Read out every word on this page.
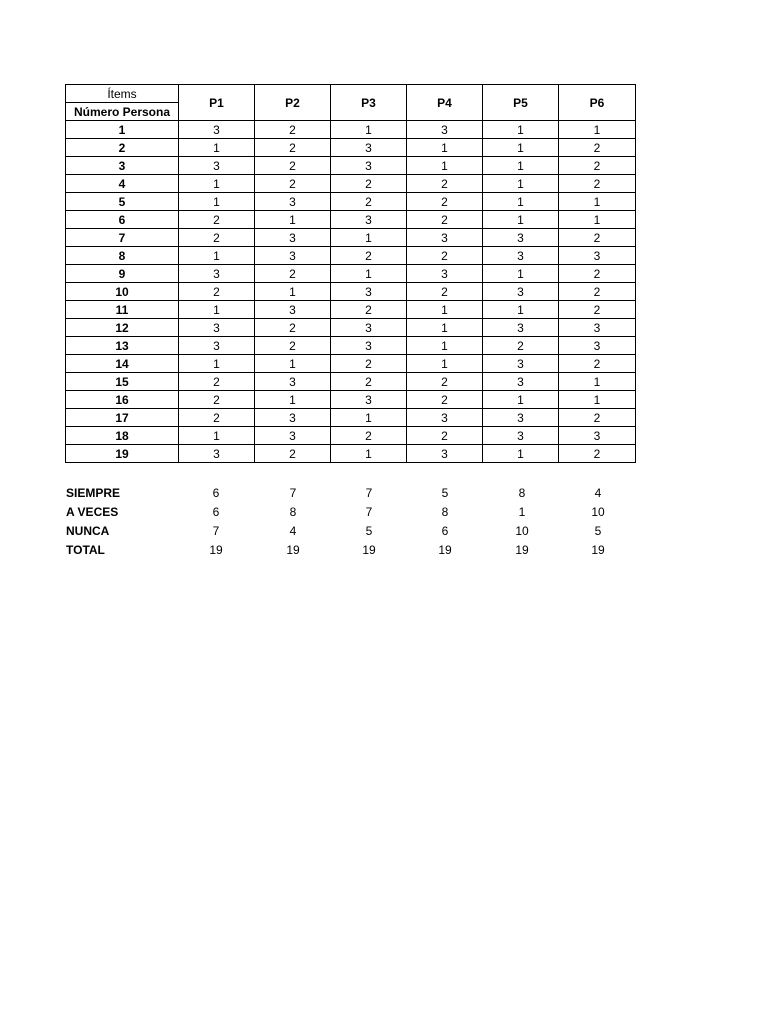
Ítems	P1	P2	P3	P4	P5	P6
Número Persona						
1	3	2	1	3	1	1
2	1	2	3	1	1	2
3	3	2	3	1	1	2
4	1	2	2	2	1	2
5	1	3	2	2	1	1
6	2	1	3	2	1	1
7	2	3	1	3	3	2
8	1	3	2	2	3	3
9	3	2	1	3	1	2
10	2	1	3	2	3	2
11	1	3	2	1	1	2
12	3	2	3	1	3	3
13	3	2	3	1	2	3
14	1	1	2	1	3	2
15	2	3	2	2	3	1
16	2	1	3	2	1	1
17	2	3	1	3	3	2
18	1	3	2	2	3	3
19	3	2	1	3	1	2
SIEMPRE	6	7	7	5	8	4
A VECES	6	8	7	8	1	10
NUNCA	7	4	5	6	10	5
TOTAL	19	19	19	19	19	19
